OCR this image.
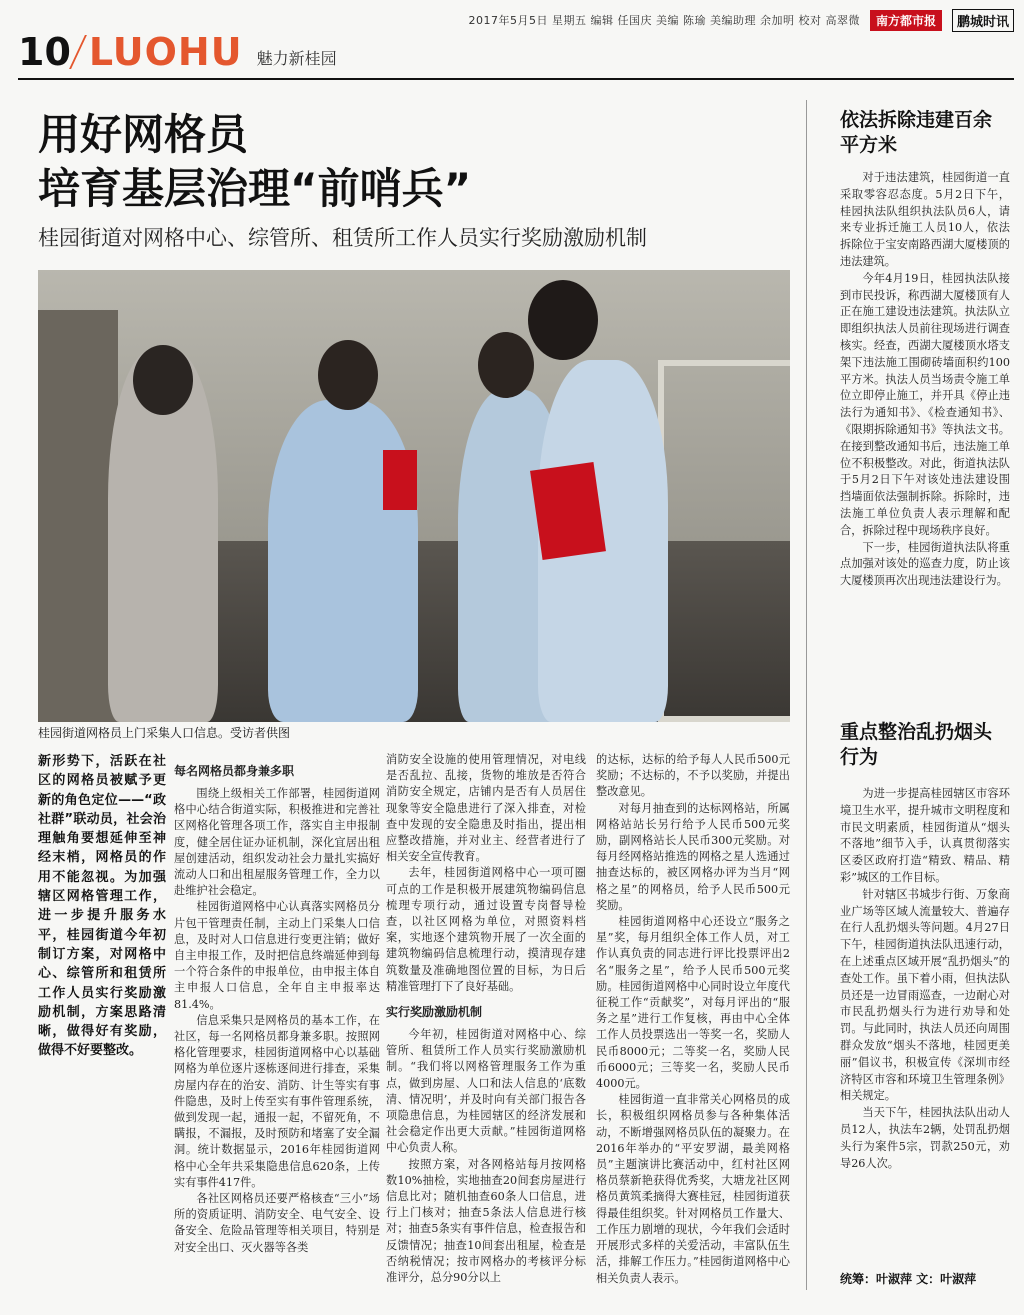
2017年5月5日 星期五 编辑 任国庆 美编 陈瑜 美编助理 余加明 校对 高翠微	南方都市报	鹏城时讯
10 LUOHU 魅力新桂园
用好网格员
培育基层治理“前哨兵”
桂园街道对网格中心、综管所、租赁所工作人员实行奖励激励机制
桂园街道网格员上门采集人口信息。受访者供图
新形势下，活跃在社区的网格员被赋予更新的角色定位——“政社群”联动员，社会治理触角要想延伸至神经末梢，网格员的作用不能忽视。为加强辖区网格管理工作，进一步提升服务水平，桂园街道今年初制订方案，对网格中心、综管所和租赁所工作人员实行奖励激励机制，方案思路清晰，做得好有奖励，做得不好要整改。
每名网格员都身兼多职

围绕上级相关工作部署，桂园街道网格中心结合街道实际，积极推进和完善社区网格化管理各项工作，落实自主申报制度，健全居住证办证机制，深化宜居出租屋创建活动，组织发动社会力量扎实搞好流动人口和出租屋服务管理工作，全力以赴维护社会稳定。

桂园街道网格中心认真落实网格员分片包干管理责任制，主动上门采集人口信息，及时对人口信息进行变更注销；做好自主申报工作，及时把信息终端延伸到每一个符合条件的申报单位，由申报主体自主申报人口信息，全年自主申报率达81.4%。

信息采集只是网格员的基本工作，在社区，每一名网格员都身兼多职。按照网格化管理要求，桂园街道网格中心以基础网格为单位逐片逐栋逐间进行排查，采集房屋内存在的治安、消防、计生等实有事件隐患，及时上传至实有事件管理系统，做到发现一起，通报一起，不留死角，不瞒报，不漏报，及时预防和堵塞了安全漏洞。统计数据显示，2016年桂园街道网格中心全年共采集隐患信息620条，上传实有事件417件。

各社区网格员还要严格核查“三小”场所的资质证明、消防安全、电气安全、设备安全、危险品管理等相关项目，特别是对安全出口、灭火器等各类

消防安全设施的使用管理情况，对电线是否乱拉、乱接，货物的堆放是否符合消防安全规定，店铺内是否有人员居住现象等安全隐患进行了深入排查，对检查中发现的安全隐患及时指出，提出相应整改措施，并对业主、经营者进行了相关安全宣传教育。

去年，桂园街道网格中心一项可圈可点的工作是积极开展建筑物编码信息梳理专项行动，通过设置专岗督导检查，以社区网格为单位，对照资料档案，实地逐个建筑物开展了一次全面的建筑物编码信息梳理行动，摸清现存建筑数量及准确地图位置的目标，为日后精准管理打下了良好基础。

实行奖励激励机制

今年初，桂园街道对网格中心、综管所、租赁所工作人员实行奖励激励机制。“我们将以网格管理服务工作为重点，做到房屋、人口和法人信息的‘底数清、情况明’，并及时向有关部门报告各项隐患信息，为桂园辖区的经济发展和社会稳定作出更大贡献。”桂园街道网格中心负责人称。

按照方案，对各网格站每月按网格数10%抽检，实地抽查20间套房屋进行信息比对；随机抽查60条人口信息，进行上门核对；抽查5条法人信息进行核对；抽查5条实有事件信息，检查报告和反馈情况；抽查10间套出租屋，检查是否纳税情况；按市网格办的考核评分标准评分，总分90分以上

的达标，达标的给予每人人民币500元奖励；不达标的，不予以奖励，并提出整改意见。

对每月抽查到的达标网格站，所属网格站站长另行给予人民币500元奖励，副网格站长人民币300元奖励。对每月经网格站推选的网格之星人选通过抽查达标的，被区网格办评为当月“网格之星”的网格员，给予人民币500元奖励。

桂园街道网格中心还设立“服务之星”奖，每月组织全体工作人员，对工作认真负责的同志进行评比投票评出2名“服务之星”，给予人民币500元奖励。桂园街道网格中心同时设立年度代征税工作“贡献奖”，对每月评出的“服务之星”进行工作复核，再由中心全体工作人员投票选出一等奖一名，奖励人民币8000元；二等奖一名，奖励人民币6000元；三等奖一名，奖励人民币4000元。

桂园街道一直非常关心网格员的成长，积极组织网格员参与各种集体活动，不断增强网格员队伍的凝聚力。在2016年举办的“平安罗湖，最美网格员”主题演讲比赛活动中，红村社区网格员蔡新艳获得优秀奖，大塘龙社区网格员黄筑柔摘得大赛桂冠，桂园街道获得最佳组织奖。针对网格员工作量大、工作压力剧增的现状，今年我们会适时开展形式多样的关爱活动，丰富队伍生活，排解工作压力。”桂园街道网格中心相关负责人表示。

依法拆除违建百余平方米

对于违法建筑，桂园街道一直采取零容忍态度。5月2日下午，桂园执法队组织执法队员6人，请来专业拆迁施工人员10人，依法拆除位于宝安南路西湖大厦楼顶的违法建筑。

今年4月19日，桂园执法队接到市民投诉，称西湖大厦楼顶有人正在施工建设违法建筑。执法队立即组织执法人员前往现场进行调查核实。经查，西湖大厦楼顶水塔支架下违法施工围砌砖墙面积约100平方米。执法人员当场责令施工单位立即停止施工，并开具《停止违法行为通知书》、《检查通知书》、《限期拆除通知书》等执法文书。在接到整改通知书后，违法施工单位不积极整改。对此，街道执法队于5月2日下午对该处违法建设围挡墙面依法强制拆除。拆除时，违法施工单位负责人表示理解和配合，拆除过程中现场秩序良好。

下一步，桂园街道执法队将重点加强对该处的巡查力度，防止该大厦楼顶再次出现违法建设行为。

重点整治乱扔烟头行为

为进一步提高桂园辖区市容环境卫生水平，提升城市文明程度和市民文明素质，桂园街道从“烟头不落地”细节入手，认真贯彻落实区委区政府打造“精致、精品、精彩”城区的工作目标。

针对辖区书城步行街、万象商业广场等区域人流量较大、普遍存在行人乱扔烟头等问题。4月27日下午，桂园街道执法队迅速行动，在上述重点区域开展“乱扔烟头”的查处工作。虽下着小雨，但执法队员还是一边冒雨巡查，一边耐心对市民乱扔烟头行为进行劝导和处罚。与此同时，执法人员还向周围群众发放“烟头不落地，桂园更美丽”倡议书，积极宣传《深圳市经济特区市容和环境卫生管理条例》相关规定。

当天下午，桂园执法队出动人员12人，执法车2辆，处罚乱扔烟头行为案件5宗，罚款250元，劝导26人次。

统筹：叶淑萍 文：叶淑萍
